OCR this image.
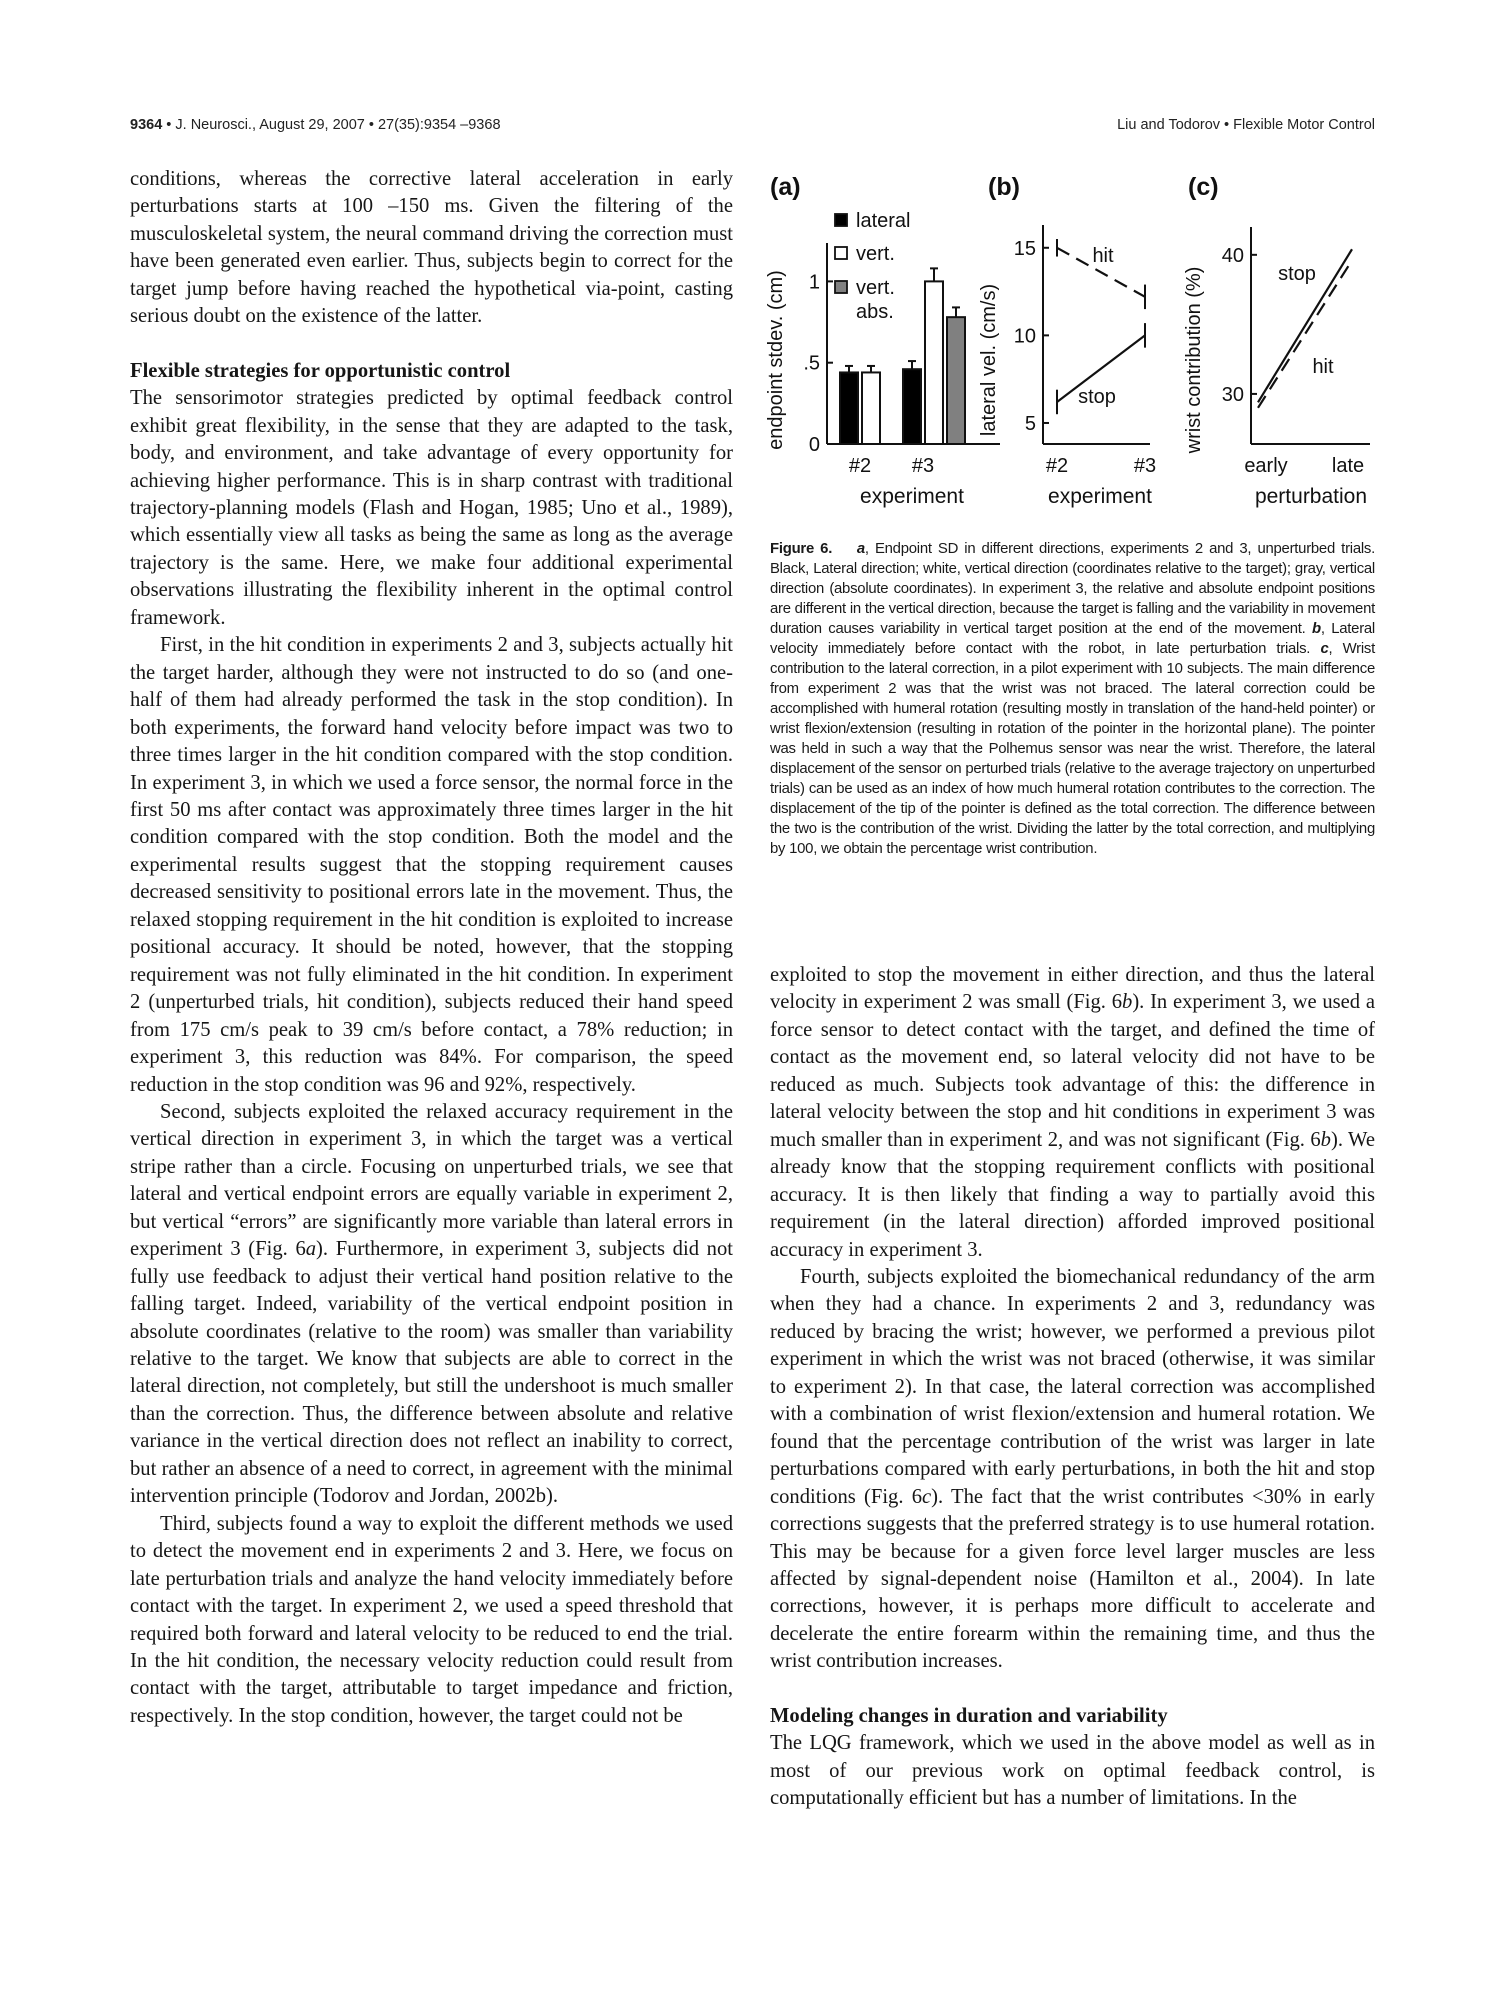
9364 • J. Neurosci., August 29, 2007 • 27(35):9354 –9368	Liu and Todorov • Flexible Motor Control

conditions, whereas the corrective lateral acceleration in early perturbations starts at 100 –150 ms. Given the filtering of the musculoskeletal system, the neural command driving the correction must have been generated even earlier. Thus, subjects begin to correct for the target jump before having reached the hypothetical via-point, casting serious doubt on the existence of the latter.

Flexible strategies for opportunistic control

The sensorimotor strategies predicted by optimal feedback control exhibit great flexibility, in the sense that they are adapted to the task, body, and environment, and take advantage of every opportunity for achieving higher performance. This is in sharp contrast with traditional trajectory-planning models (Flash and Hogan, 1985; Uno et al., 1989), which essentially view all tasks as being the same as long as the average trajectory is the same. Here, we make four additional experimental observations illustrating the flexibility inherent in the optimal control framework.

First, in the hit condition in experiments 2 and 3, subjects actually hit the target harder, although they were not instructed to do so (and one-half of them had already performed the task in the stop condition). In both experiments, the forward hand velocity before impact was two to three times larger in the hit condition compared with the stop condition. In experiment 3, in which we used a force sensor, the normal force in the first 50 ms after contact was approximately three times larger in the hit condition compared with the stop condition. Both the model and the experimental results suggest that the stopping requirement causes decreased sensitivity to positional errors late in the movement. Thus, the relaxed stopping requirement in the hit condition is exploited to increase positional accuracy. It should be noted, however, that the stopping requirement was not fully eliminated in the hit condition. In experiment 2 (unperturbed trials, hit condition), subjects reduced their hand speed from 175 cm/s peak to 39 cm/s before contact, a 78% reduction; in experiment 3, this reduction was 84%. For comparison, the speed reduction in the stop condition was 96 and 92%, respectively.

Second, subjects exploited the relaxed accuracy requirement in the vertical direction in experiment 3, in which the target was a vertical stripe rather than a circle. Focusing on unperturbed trials, we see that lateral and vertical endpoint errors are equally variable in experiment 2, but vertical “errors” are significantly more variable than lateral errors in experiment 3 (Fig. 6a). Furthermore, in experiment 3, subjects did not fully use feedback to adjust their vertical hand position relative to the falling target. Indeed, variability of the vertical endpoint position in absolute coordinates (relative to the room) was smaller than variability relative to the target. We know that subjects are able to correct in the lateral direction, not completely, but still the undershoot is much smaller than the correction. Thus, the difference between absolute and relative variance in the vertical direction does not reflect an inability to correct, but rather an absence of a need to correct, in agreement with the minimal intervention principle (Todorov and Jordan, 2002b).

Third, subjects found a way to exploit the different methods we used to detect the movement end in experiments 2 and 3. Here, we focus on late perturbation trials and analyze the hand velocity immediately before contact with the target. In experiment 2, we used a speed threshold that required both forward and lateral velocity to be reduced to end the trial. In the hit condition, the necessary velocity reduction could result from contact with the target, attributable to target impedance and friction, respectively. In the stop condition, however, the target could not be

(a)
endpoint stdev. (cm) 0
.5
1
#2 #3
experiment
lateral
vert.
vert.
abs.
(b)
lateral vel. (cm/s) 5
10
15
#2	#3
hit
stop
experiment
(c)
wrist contribution (%) 30
40
early late
stop
hit
perturbation
Figure 6. a, Endpoint SD in different directions, experiments 2 and 3, unperturbed trials. Black, Lateral direction; white, vertical direction (coordinates relative to the target); gray, vertical direction (absolute coordinates). In experiment 3, the relative and absolute endpoint positions are different in the vertical direction, because the target is falling and the variability in movement duration causes variability in vertical target position at the end of the movement. b, Lateral velocity immediately before contact with the robot, in late perturbation trials. c, Wrist contribution to the lateral correction, in a pilot experiment with 10 subjects. The main difference from experiment 2 was that the wrist was not braced. The lateral correction could be accomplished with humeral rotation (resulting mostly in translation of the hand-held pointer) or wrist flexion/extension (resulting in rotation of the pointer in the horizontal plane). The pointer was held in such a way that the Polhemus sensor was near the wrist. Therefore, the lateral displacement of the sensor on perturbed trials (relative to the average trajectory on unperturbed trials) can be used as an index of how much humeral rotation contributes to the correction. The displacement of the tip of the pointer is defined as the total correction. The difference between the two is the contribution of the wrist. Dividing the latter by the total correction, and multiplying by 100, we obtain the percentage wrist contribution.

exploited to stop the movement in either direction, and thus the lateral velocity in experiment 2 was small (Fig. 6b). In experiment 3, we used a force sensor to detect contact with the target, and defined the time of contact as the movement end, so lateral velocity did not have to be reduced as much. Subjects took advantage of this: the difference in lateral velocity between the stop and hit conditions in experiment 3 was much smaller than in experiment 2, and was not significant (Fig. 6b). We already know that the stopping requirement conflicts with positional accuracy. It is then likely that finding a way to partially avoid this requirement (in the lateral direction) afforded improved positional accuracy in experiment 3.

Fourth, subjects exploited the biomechanical redundancy of the arm when they had a chance. In experiments 2 and 3, redundancy was reduced by bracing the wrist; however, we performed a previous pilot experiment in which the wrist was not braced (otherwise, it was similar to experiment 2). In that case, the lateral correction was accomplished with a combination of wrist flexion/extension and humeral rotation. We found that the percentage contribution of the wrist was larger in late perturbations compared with early perturbations, in both the hit and stop conditions (Fig. 6c). The fact that the wrist contributes <30% in early corrections suggests that the preferred strategy is to use humeral rotation. This may be because for a given force level larger muscles are less affected by signal-dependent noise (Hamilton et al., 2004). In late corrections, however, it is perhaps more difficult to accelerate and decelerate the entire forearm within the remaining time, and thus the wrist contribution increases.

Modeling changes in duration and variability

The LQG framework, which we used in the above model as well as in most of our previous work on optimal feedback control, is computationally efficient but has a number of limitations. In the
